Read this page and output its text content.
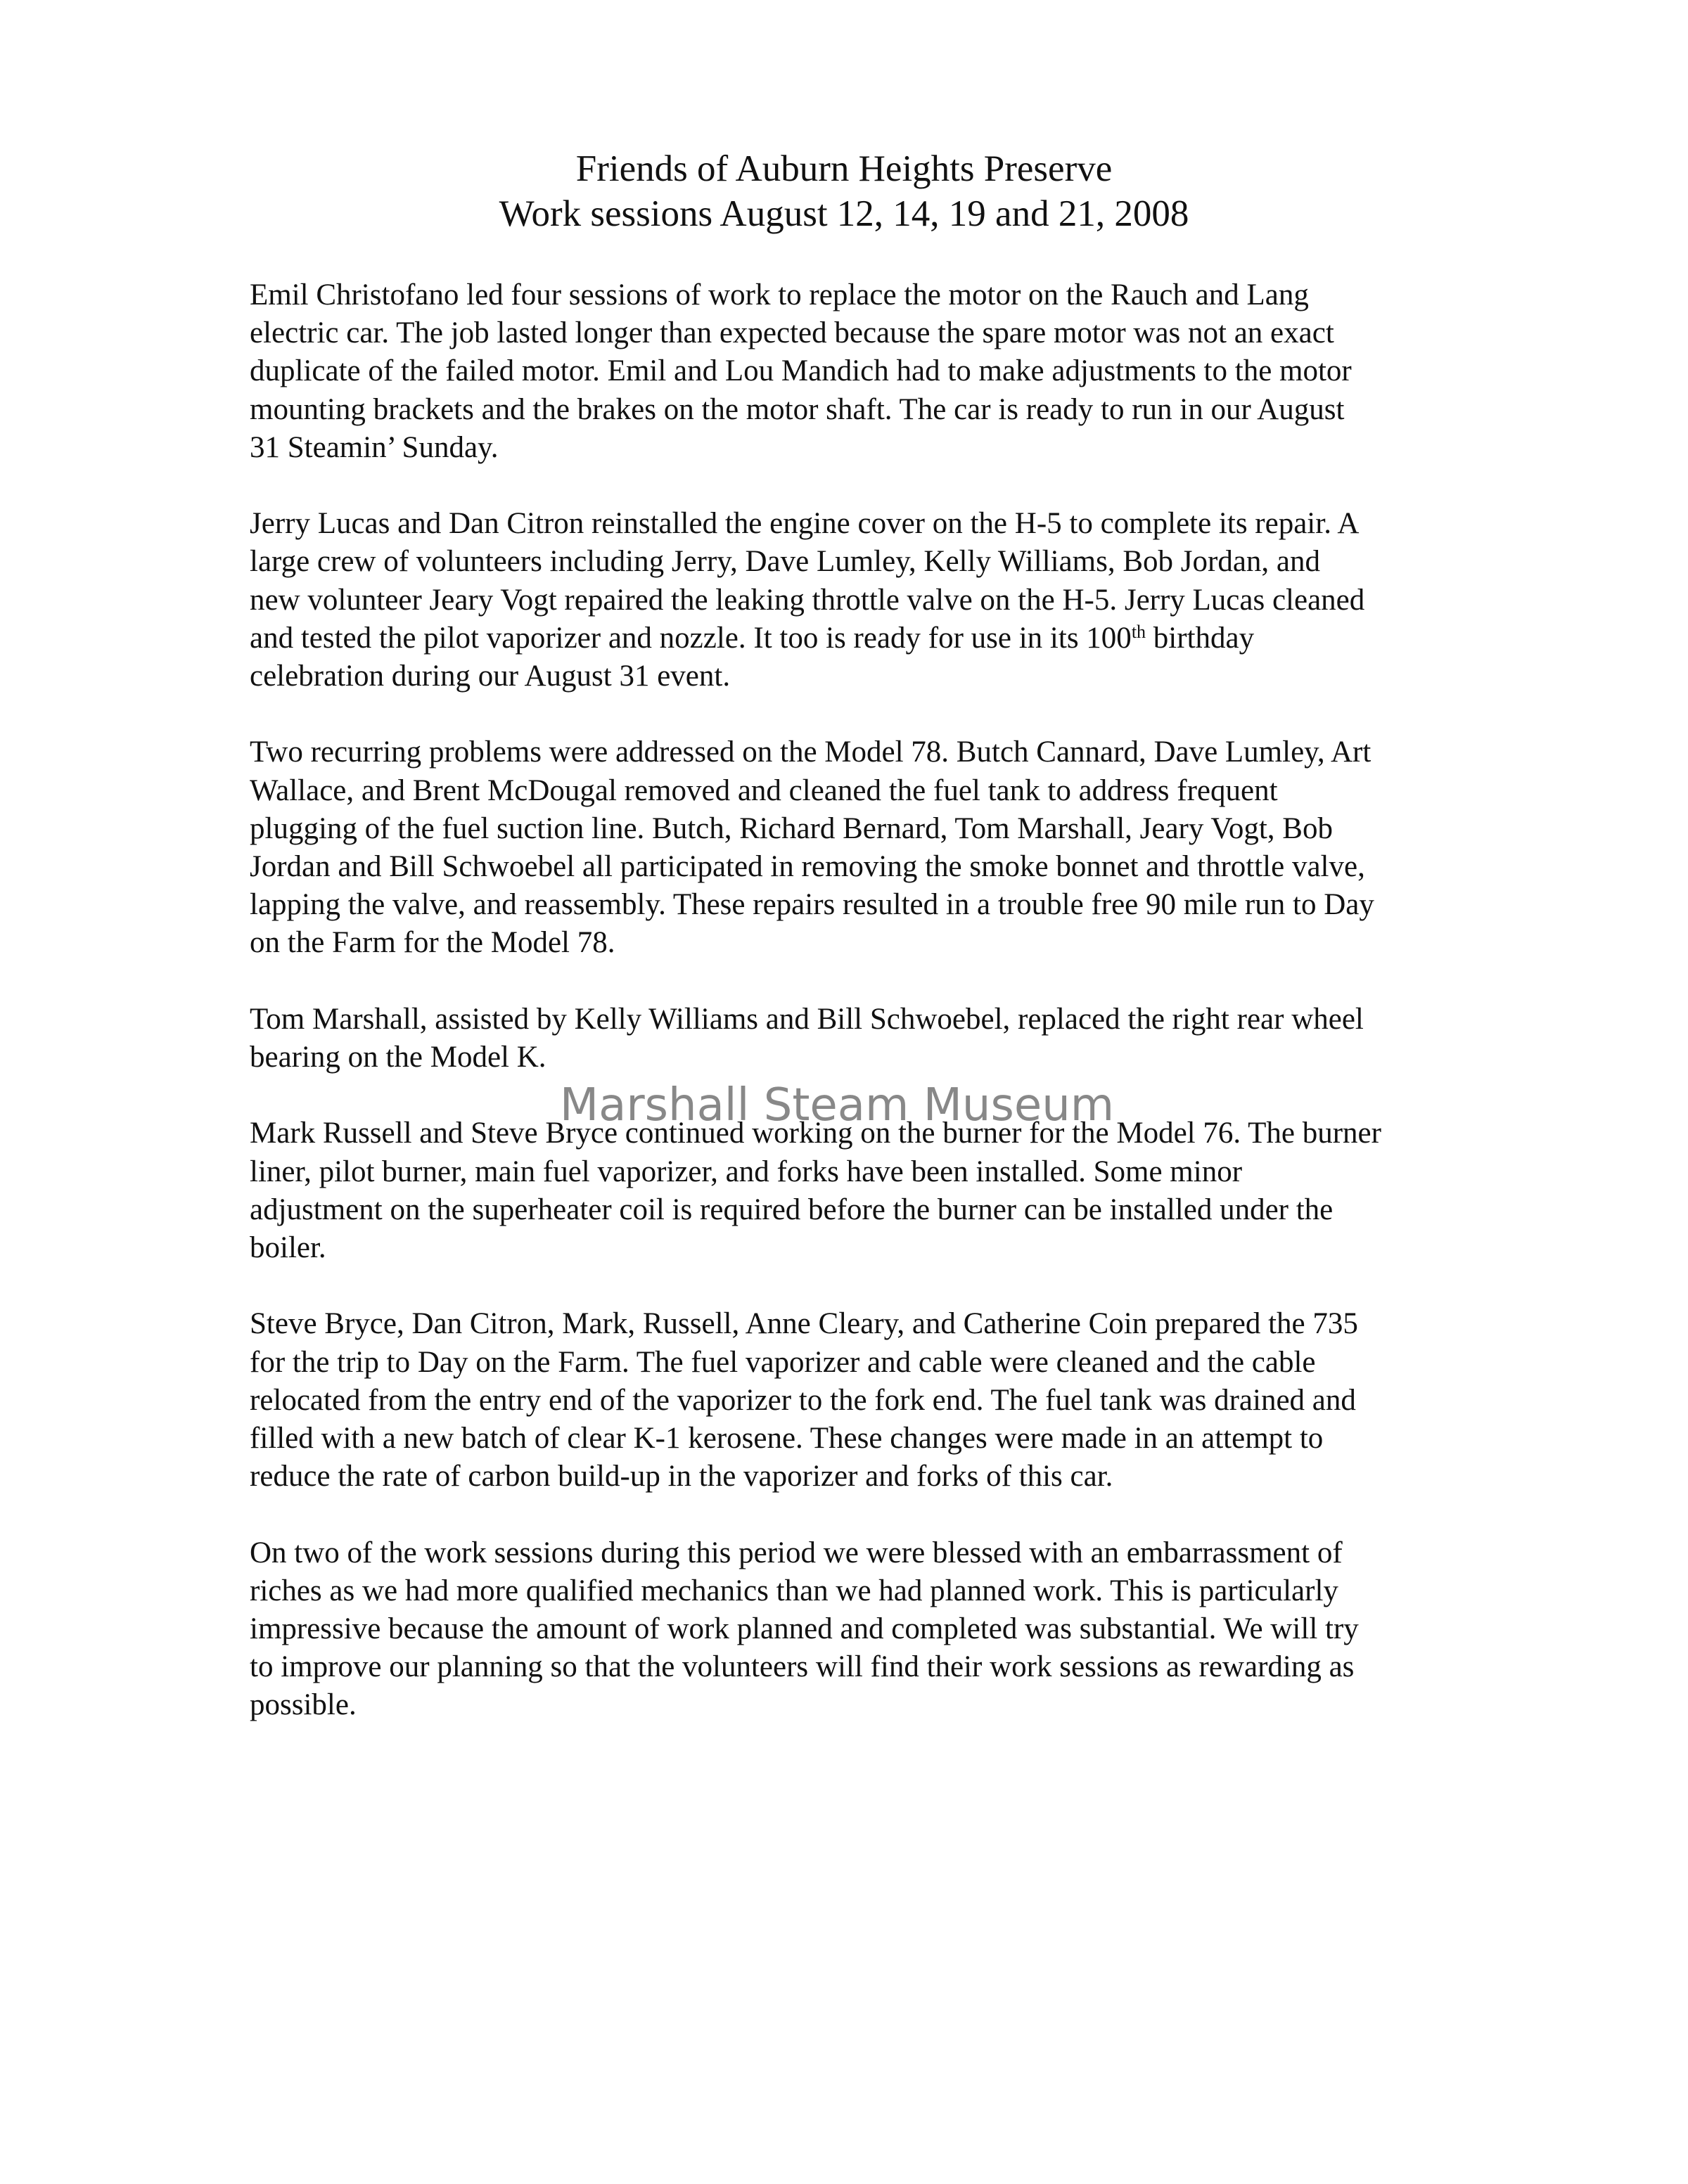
Friends of Auburn Heights Preserve
Work sessions August 12, 14, 19 and 21, 2008
Emil Christofano led four sessions of work to replace the motor on the Rauch and Lang
electric car. The job lasted longer than expected because the spare motor was not an exact
duplicate of the failed motor. Emil and Lou Mandich had to make adjustments to the motor
mounting brackets and the brakes on the motor shaft. The car is ready to run in our August
31 Steamin’ Sunday.
Jerry Lucas and Dan Citron reinstalled the engine cover on the H-5 to complete its repair. A
large crew of volunteers including Jerry, Dave Lumley, Kelly Williams, Bob Jordan, and
new volunteer Jeary Vogt repaired the leaking throttle valve on the H-5. Jerry Lucas cleaned
and tested the pilot vaporizer and nozzle. It too is ready for use in its 100th birthday
celebration during our August 31 event.
Two recurring problems were addressed on the Model 78. Butch Cannard, Dave Lumley, Art
Wallace, and Brent McDougal removed and cleaned the fuel tank to address frequent
plugging of the fuel suction line. Butch, Richard Bernard, Tom Marshall, Jeary Vogt, Bob
Jordan and Bill Schwoebel all participated in removing the smoke bonnet and throttle valve,
lapping the valve, and reassembly. These repairs resulted in a trouble free 90 mile run to Day
on the Farm for the Model 78.
Tom Marshall, assisted by Kelly Williams and Bill Schwoebel, replaced the right rear wheel
bearing on the Model K.
Mark Russell and Steve Bryce continued working on the burner for the Model 76. The burner
liner, pilot burner, main fuel vaporizer, and forks have been installed. Some minor
adjustment on the superheater coil is required before the burner can be installed under the
boiler.
Steve Bryce, Dan Citron, Mark, Russell, Anne Cleary, and Catherine Coin prepared the 735
for the trip to Day on the Farm. The fuel vaporizer and cable were cleaned and the cable
relocated from the entry end of the vaporizer to the fork end. The fuel tank was drained and
filled with a new batch of clear K-1 kerosene. These changes were made in an attempt to
reduce the rate of carbon build-up in the vaporizer and forks of this car.
On two of the work sessions during this period we were blessed with an embarrassment of
riches as we had more qualified mechanics than we had planned work. This is particularly
impressive because the amount of work planned and completed was substantial. We will try
to improve our planning so that the volunteers will find their work sessions as rewarding as
possible.
Marshall Steam Museum
